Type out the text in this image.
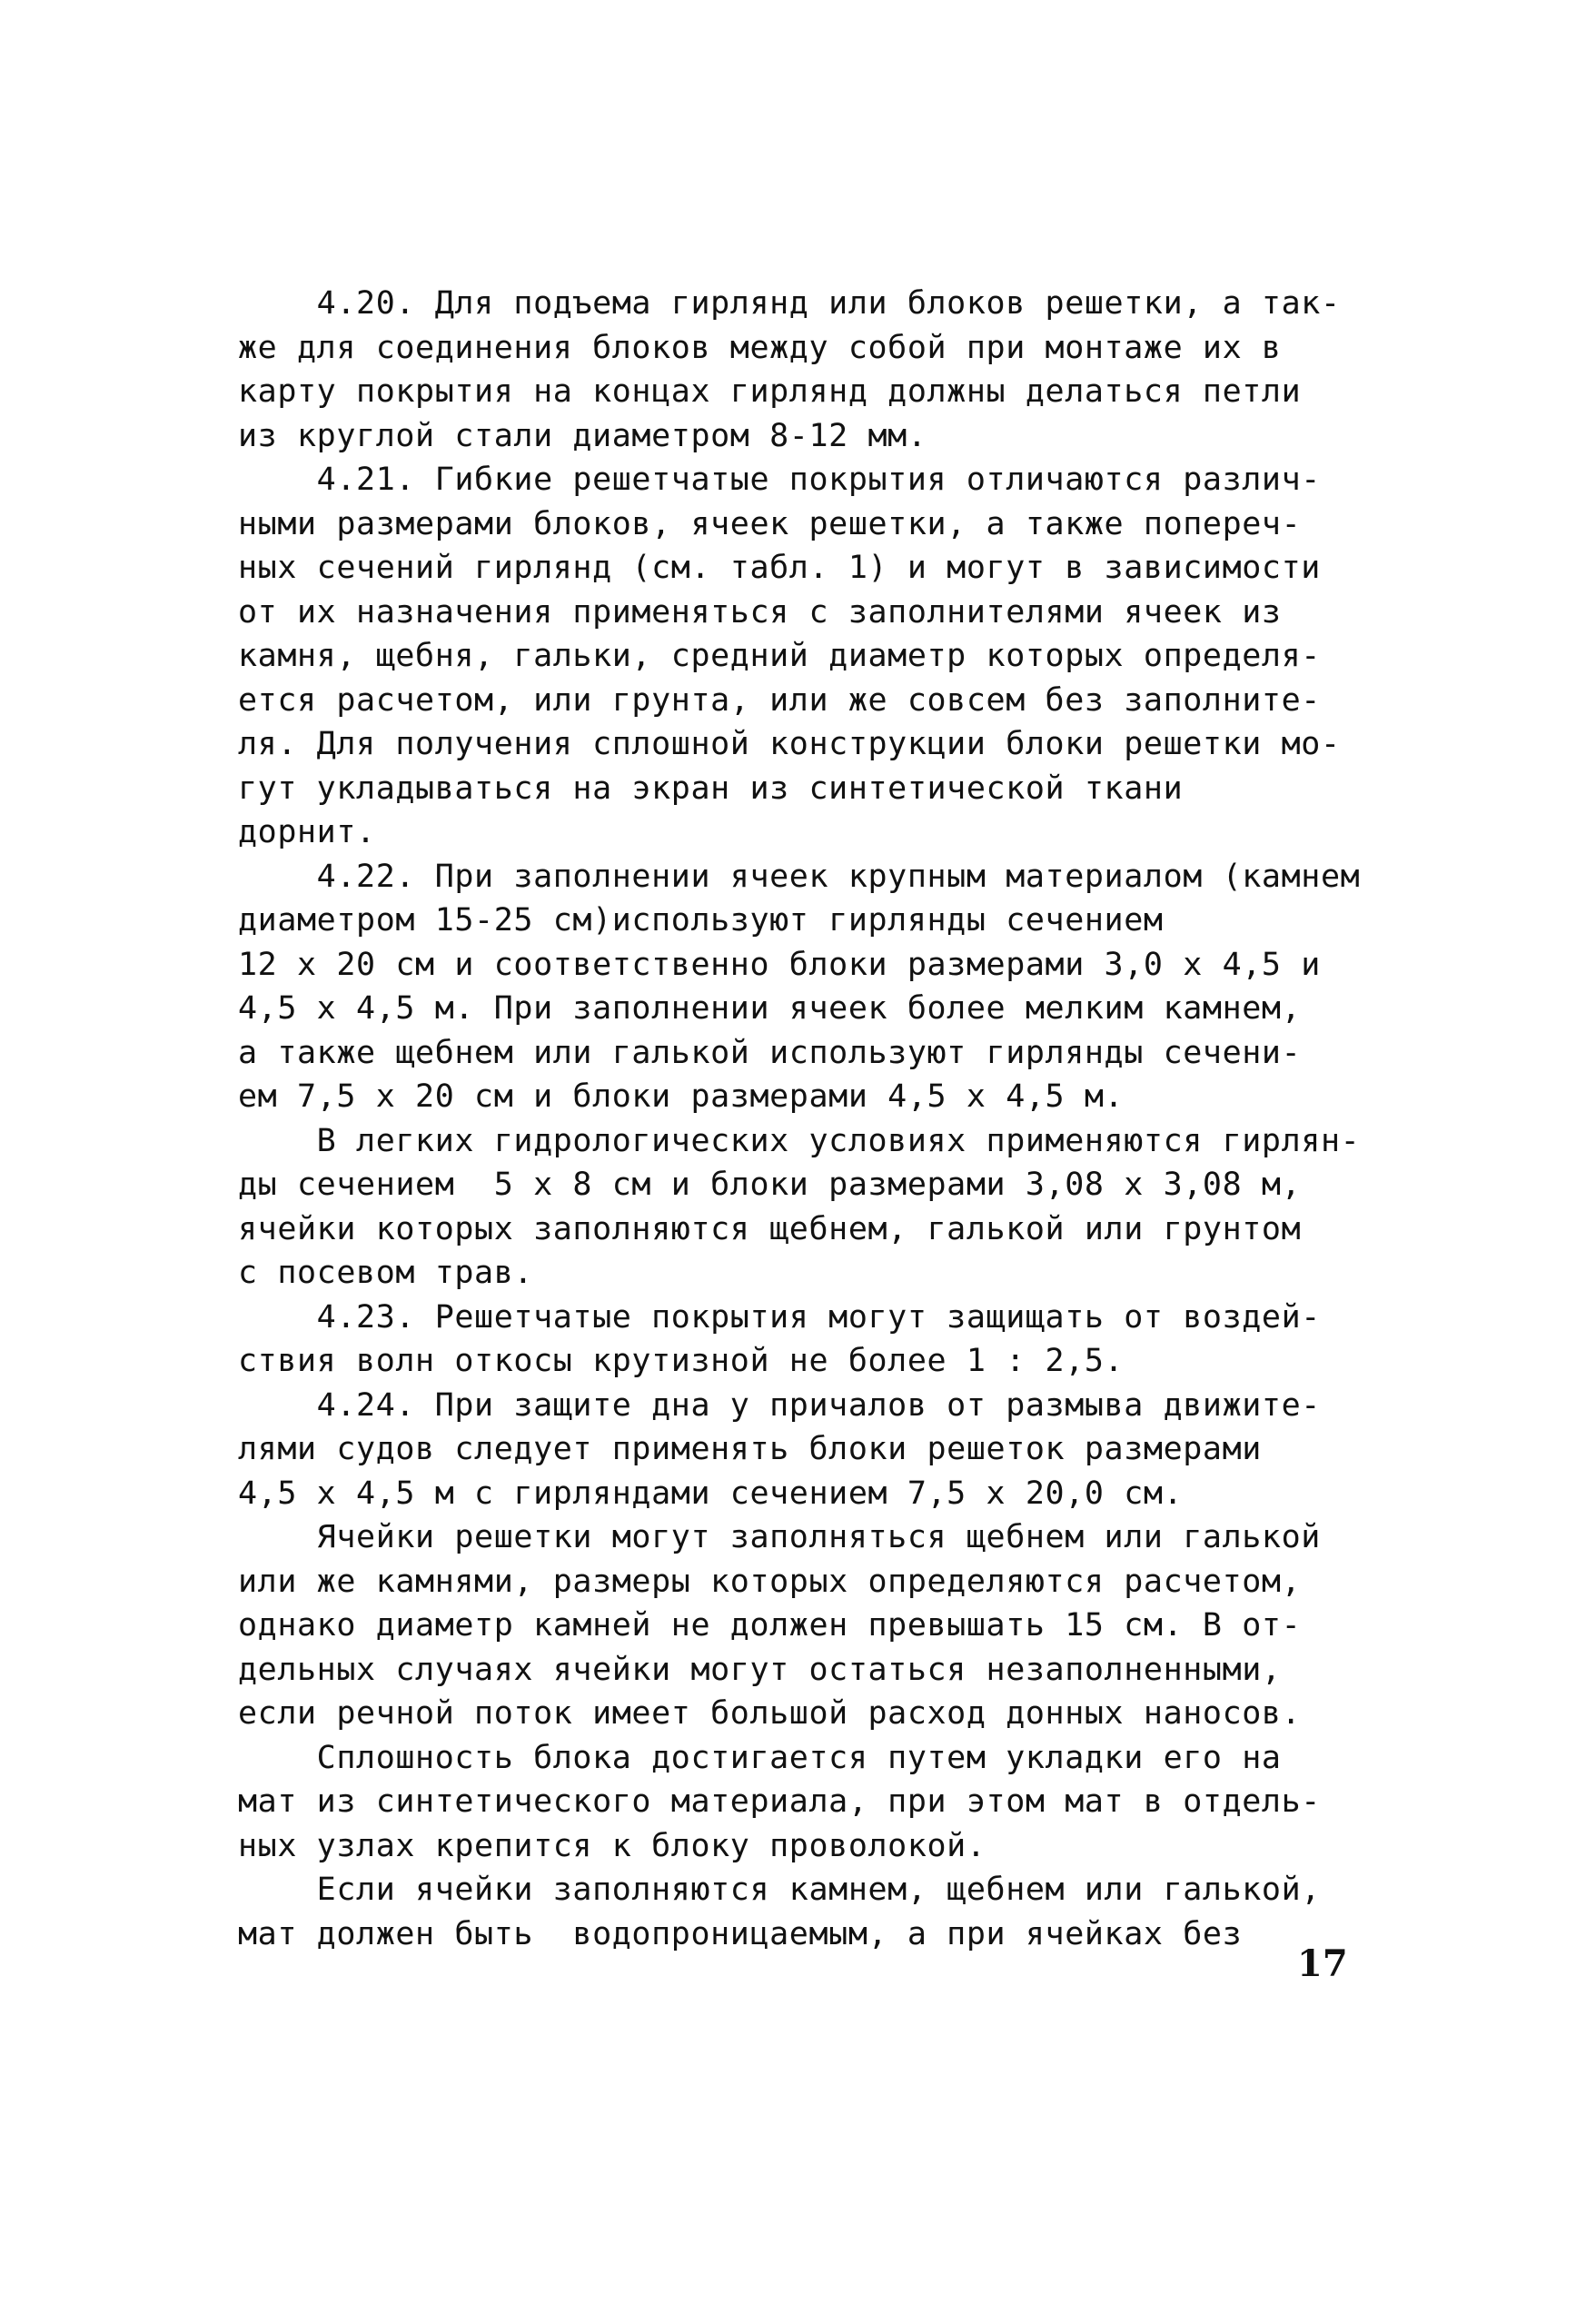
4.20. Для подъема гирлянд или блоков решетки, а так-
же для соединения блоков между собой при монтаже их в
карту покрытия на концах гирлянд должны делаться петли
из круглой стали диаметром 8-12 мм.
4.21. Гибкие решетчатые покрытия отличаются различ-
ными размерами блоков, ячеек решетки, а также попереч-
ных сечений гирлянд (см. табл. 1) и могут в зависимости
от их назначения применяться с заполнителями ячеек из
камня, щебня, гальки, средний диаметр которых определя-
ется расчетом, или грунта, или же совсем без заполните-
ля. Для получения сплошной конструкции блоки решетки мо-
гут укладываться на экран из синтетической ткани
дорнит.
4.22. При заполнении ячеек крупным материалом (камнем
диаметром 15-25 см)используют гирлянды сечением
12 х 20 см и соответственно блоки размерами 3,0 х 4,5 и
4,5 х 4,5 м. При заполнении ячеек более мелким камнем,
а также щебнем или галькой используют гирлянды сечени-
ем 7,5 х 20 см и блоки размерами 4,5 х 4,5 м.
В легких гидрологических условиях применяются гирлян-
ды сечением  5 х 8 см и блоки размерами 3,08 х 3,08 м,
ячейки которых заполняются щебнем, галькой или грунтом
с посевом трав.
4.23. Решетчатые покрытия могут защищать от воздей-
ствия волн откосы крутизной не более 1 : 2,5.
4.24. При защите дна у причалов от размыва движите-
лями судов следует применять блоки решеток размерами
4,5 х 4,5 м с гирляндами сечением 7,5 х 20,0 см.
Ячейки решетки могут заполняться щебнем или галькой
или же камнями, размеры которых определяются расчетом,
однако диаметр камней не должен превышать 15 см. В от-
дельных случаях ячейки могут остаться незаполненными,
если речной поток имеет большой расход донных наносов.
Сплошность блока достигается путем укладки его на
мат из синтетического материала, при этом мат в отдель-
ных узлах крепится к блоку проволокой.
Если ячейки заполняются камнем, щебнем или галькой,
мат должен быть  водопроницаемым, а при ячейках без
17
